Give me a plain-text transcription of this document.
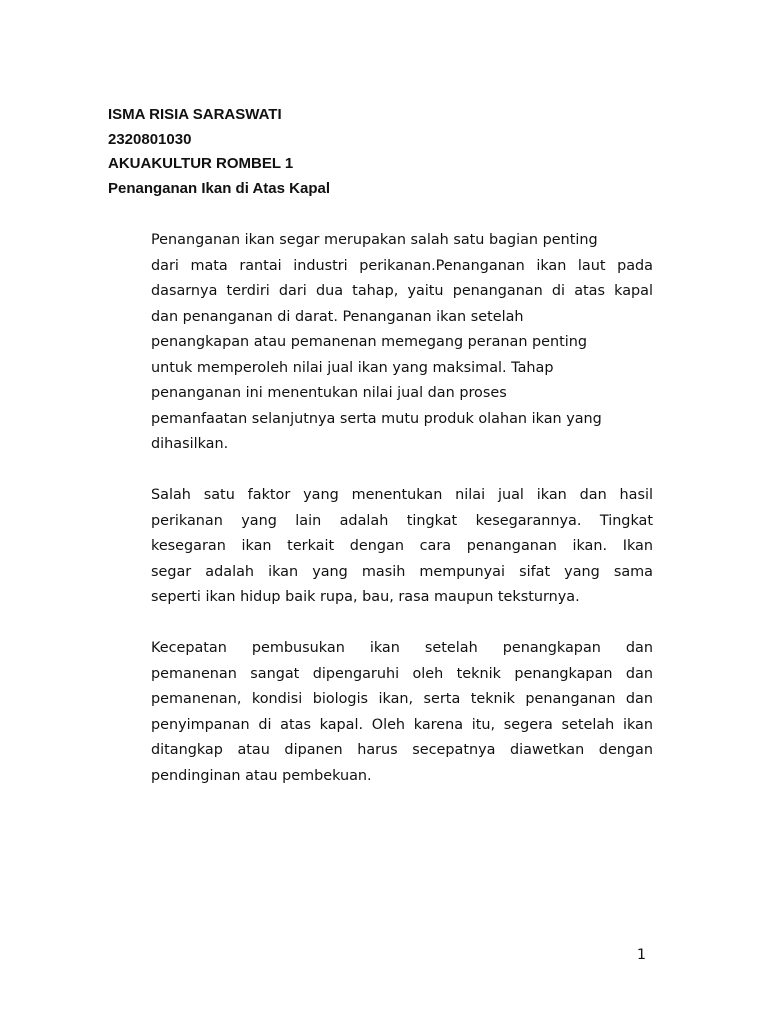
ISMA RISIA SARASWATI
2320801030
AKUAKULTUR ROMBEL 1
Penanganan Ikan di Atas Kapal
Penanganan ikan segar merupakan salah satu bagian penting
dari mata rantai industri perikanan.Penanganan ikan laut pada
dasarnya terdiri dari dua tahap, yaitu penanganan di atas kapal
dan penanganan di darat. Penanganan ikan setelah
penangkapan atau pemanenan memegang peranan penting
untuk memperoleh nilai jual ikan yang maksimal. Tahap
penanganan ini menentukan nilai jual dan proses
pemanfaatan selanjutnya serta mutu produk olahan ikan yang
dihasilkan.
Salah satu faktor yang menentukan nilai jual ikan dan hasil
perikanan yang lain adalah tingkat kesegarannya. Tingkat
kesegaran ikan terkait dengan cara penanganan ikan. Ikan
segar adalah ikan yang masih mempunyai sifat yang sama
seperti ikan hidup baik rupa, bau, rasa maupun teksturnya.
Kecepatan pembusukan ikan setelah penangkapan dan
pemanenan sangat dipengaruhi oleh teknik penangkapan dan
pemanenan, kondisi biologis ikan, serta teknik penanganan dan
penyimpanan di atas kapal. Oleh karena itu, segera setelah ikan
ditangkap atau dipanen harus secepatnya diawetkan dengan
pendinginan atau pembekuan.
1
